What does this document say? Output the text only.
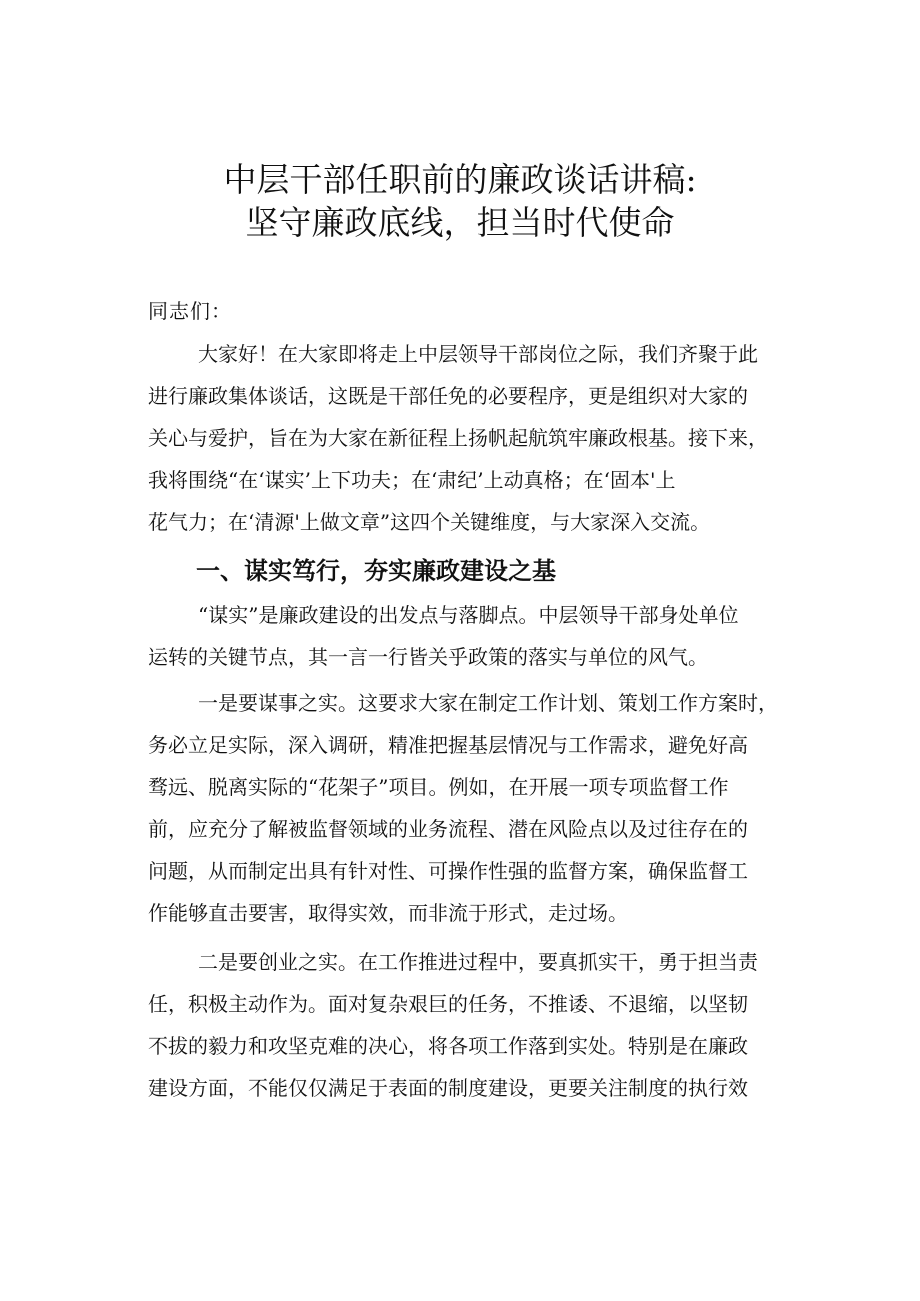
中层干部任职前的廉政谈话讲稿:
坚守廉政底线，担当时代使命
同志们：
大家好！在大家即将走上中层领导干部岗位之际，我们齐聚于此
进行廉政集体谈话，这既是干部任免的必要程序，更是组织对大家的
关心与爱护，旨在为大家在新征程上扬帆起航筑牢廉政根基。接下来，
我将围绕“在‘谋实’上下功夫；在‘肃纪’上动真格；在‘固本'上
花气力；在‘清源'上做文章”这四个关键维度，与大家深入交流。
一、谋实笃行，夯实廉政建设之基
“谋实”是廉政建设的出发点与落脚点。中层领导干部身处单位
运转的关键节点，其一言一行皆关乎政策的落实与单位的风气。
一是要谋事之实。这要求大家在制定工作计划、策划工作方案时，
务必立足实际，深入调研，精准把握基层情况与工作需求，避免好高
骛远、脱离实际的“花架子”项目。例如，在开展一项专项监督工作
前，应充分了解被监督领域的业务流程、潜在风险点以及过往存在的
问题，从而制定出具有针对性、可操作性强的监督方案，确保监督工
作能够直击要害，取得实效，而非流于形式，走过场。
二是要创业之实。在工作推进过程中，要真抓实干，勇于担当责
任，积极主动作为。面对复杂艰巨的任务，不推诿、不退缩，以坚韧
不拔的毅力和攻坚克难的决心，将各项工作落到实处。特别是在廉政
建设方面，不能仅仅满足于表面的制度建设，更要关注制度的执行效
